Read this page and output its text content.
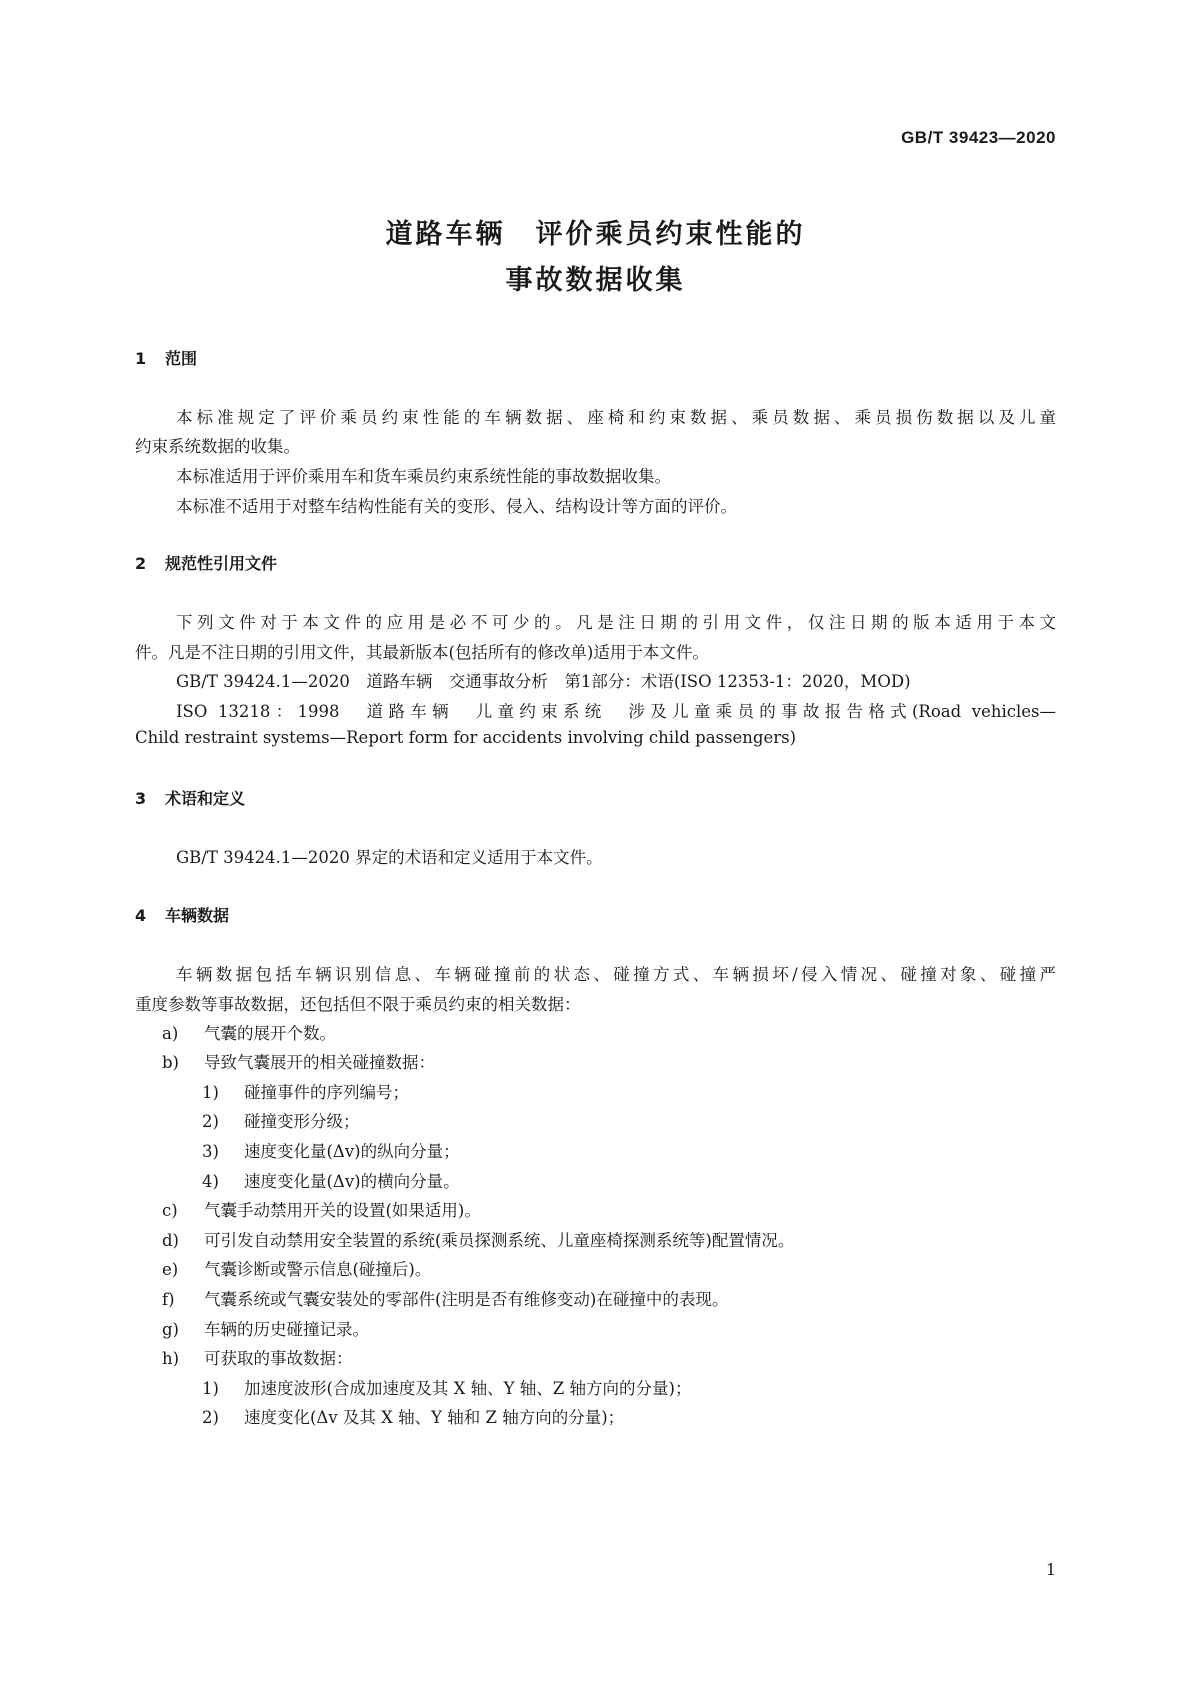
GB/T 39423—2020
道路车辆　评价乘员约束性能的
事故数据收集
1 范围
本标准规定了评价乘员约束性能的车辆数据、座椅和约束数据、乘员数据、乘员损伤数据以及儿童
约束系统数据的收集。
本标准适用于评价乘用车和货车乘员约束系统性能的事故数据收集。
本标准不适用于对整车结构性能有关的变形、侵入、结构设计等方面的评价。
2 规范性引用文件
下列文件对于本文件的应用是必不可少的。凡是注日期的引用文件，仅注日期的版本适用于本文
件。凡是不注日期的引用文件，其最新版本(包括所有的修改单)适用于本文件。
GB/T 39424.1—2020　道路车辆　交通事故分析　第1部分：术语(ISO 12353-1：2020，MOD)
ISO 13218：1998　道路车辆　儿童约束系统　涉及儿童乘员的事故报告格式(Road vehicles—
Child restraint systems—Report form for accidents involving child passengers)
3 术语和定义
GB/T 39424.1—2020 界定的术语和定义适用于本文件。
4 车辆数据
车辆数据包括车辆识别信息、车辆碰撞前的状态、碰撞方式、车辆损坏/侵入情况、碰撞对象、碰撞严
重度参数等事故数据，还包括但不限于乘员约束的相关数据：
a) 气囊的展开个数。
b) 导致气囊展开的相关碰撞数据：
1) 碰撞事件的序列编号；
2) 碰撞变形分级；
3) 速度变化量(Δv)的纵向分量；
4) 速度变化量(Δv)的横向分量。
c) 气囊手动禁用开关的设置(如果适用)。
d) 可引发自动禁用安全装置的系统(乘员探测系统、儿童座椅探测系统等)配置情况。
e) 气囊诊断或警示信息(碰撞后)。
f) 气囊系统或气囊安装处的零部件(注明是否有维修变动)在碰撞中的表现。
g) 车辆的历史碰撞记录。
h) 可获取的事故数据：
1) 加速度波形(合成加速度及其 X 轴、Y 轴、Z 轴方向的分量)；
2) 速度变化(Δv 及其 X 轴、Y 轴和 Z 轴方向的分量)；
1
